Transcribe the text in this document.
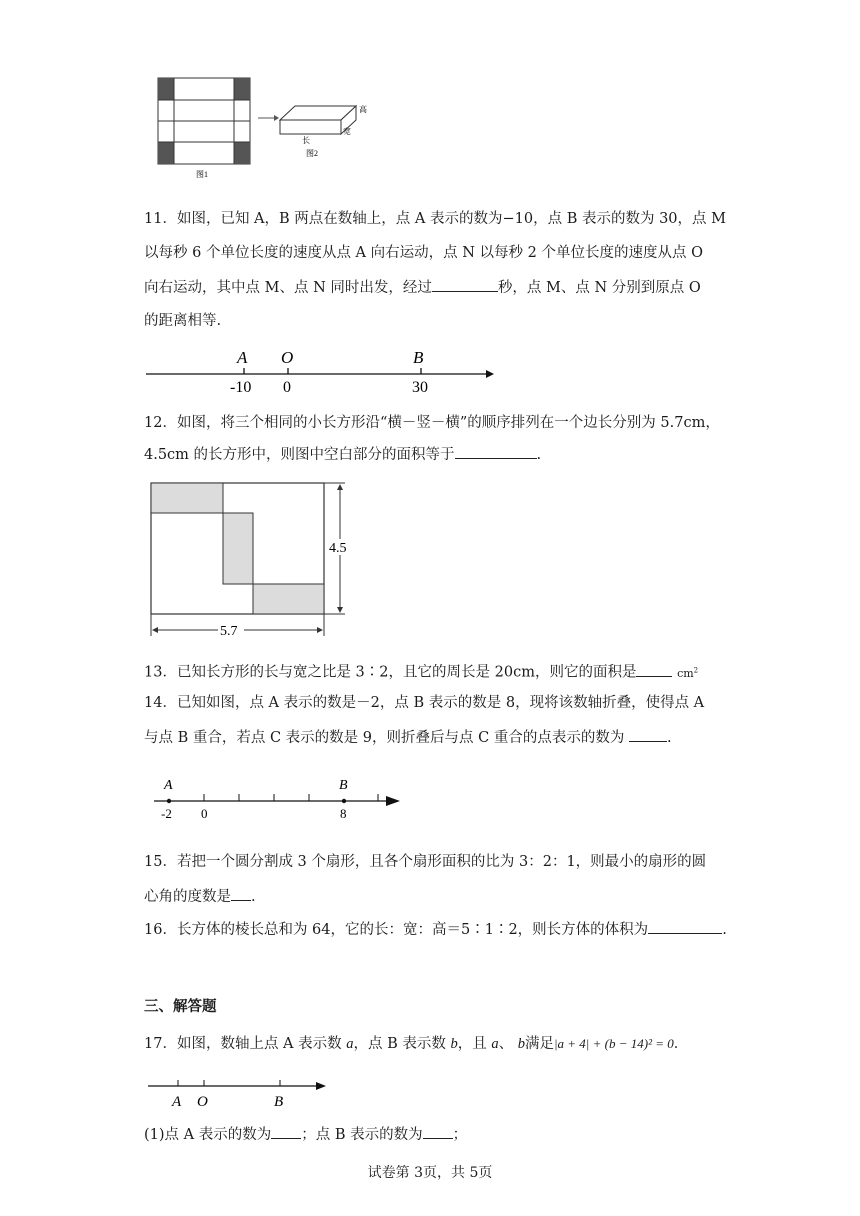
高
长
宽
图2
图1
11．如图，已知 A，B 两点在数轴上，点 A 表示的数为−10，点 B 表示的数为 30，点 M
以每秒 6 个单位长度的速度从点 A 向右运动，点 N 以每秒 2 个单位长度的速度从点 O
向右运动，其中点 M、点 N 同时出发，经过	秒，点 M、点 N 分别到原点 O
的距离相等.
A O	B
-10 0	30
12．如图，将三个相同的小长方形沿“横－竖－横”的顺序排列在一个边长分别为 5.7cm，
4.5cm 的长方形中，则图中空白部分的面积等于	.
4.5
5.7
13．已知长方形的长与宽之比是 3∶2，且它的周长是 20cm，则它的面积是	$cm^2$
14．已知如图，点 A 表示的数是－2，点 B 表示的数是 8，现将该数轴折叠，使得点 A
与点 B 重合，若点 C 表示的数是 9，则折叠后与点 C 重合的点表示的数为	.
A	B
-2 0	8
15．若把一个圆分割成 3 个扇形，且各个扇形面积的比为 3：2：1，则最小的扇形的圆
心角的度数是 .
16．长方体的棱长总和为 64，它的长：宽：高＝5∶1∶2，则长方体的体积为	.
三、解答题
17．如图，数轴上点 A 表示数 a，点 B 表示数 b，且 a、 b满足|a + 4| + (b − 14)² = 0．
A O	B
(1)点 A 表示的数为 ；点 B 表示的数为 ；
试卷第 3页，共 5页
